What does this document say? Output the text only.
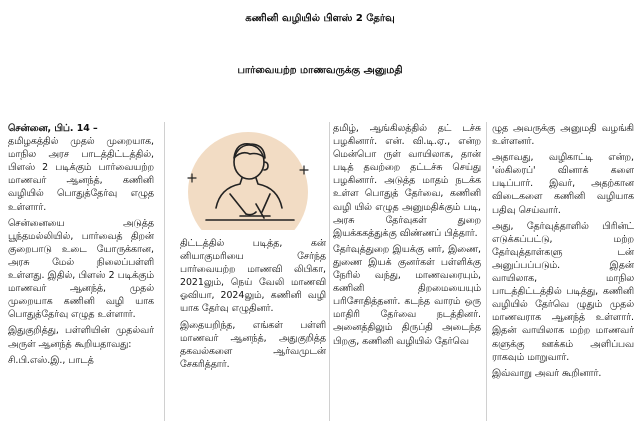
கணினி வழியில் பிளஸ் 2 தேர்வு
பார்வையற்ற மாணவருக்கு அனுமதி

சென்னை, பிப். 14 –
தமிழகத்தில் முதல் முறையாக, மாநில அரச பாடத்திட்டத்தில், பிளஸ் 2 படிக்கும் பார்வையற்ற மாணவர் ஆனந்த், கணினி வழியில் பொதுத்தேர்வு எழுத உள்ளார்.

சென்னையை அடுத்த பூந்தமல்லியில், பார்வைத் திறன் குறைபாடு உடை யோருக்கான, அரசு மேல் நிலைப்பள்ளி உள்ளது. இதில், பிளஸ் 2 படிக்கும் மாணவர் ஆனந்த், முதல் முறையாக கணினி வழி யாக பொதுத்தேர்வு எழுத உள்ளார்.

இதுகுறித்து, பள்ளியின் முதல்வர் அருள் ஆனந்த் கூறியதாவது:

சி.பி.எஸ்.இ., பாடத்

திட்டத்தில் படித்த, கன் னியாகுமரியை சேர்ந்த பார்வையற்ற மாணவி லிபிகா, 2021லும், நெய் வேலி மாணவி ஓவியா, 2024லும், கணினி வழி யாக தேர்வு எழுதினர்.

இதையறிந்த, எங்கள் பள்ளி மாணவர் ஆனந்த், அதுகுறித்த தகவல்களை ஆர்வமுடன் சேகரித்தார்.

தமிழ், ஆங்கிலத்தில் தட் டச்சு பழகினார். என். வி.டி.ஏ., என்ற மென்பொ ருள் வாயிலாக, தான் படித் தவற்றை தட்டச்சு செய்து பழகினார். அடுத்த மாதம் நடக்க உள்ள பொதுத் தேர்வை, கணினி வழி யில் எழுத அனுமதிக்கும் படி, அரசு தேர்வுகள் துறை இயக்ககத்துக்கு விண்ணப் பித்தார்.

தேர்வுத்துறை இயக்கு னர், இணை, துணை இயக் குனர்கள் பள்ளிக்கு நேரில் வந்து, மாணவரையும், கணினி திறமையையும் பரிசோதித்தனர். கடந்த வாரம் ஒரு மாதிரி தேர்வை நடத்தினர். அனைத்திலும் திருப்தி அடைந்த பிறகு, கணினி வழியில் தேர்வெ

ழுத அவருக்கு அனுமதி வழங்கி உள்ளனர்.

அதாவது, வழிகாட்டி என்ற, 'ஸ்கிரைப்' வினாக் களை படிப்பார். இவர், அதற்கான விடைகளை கணினி வழியாக பதிவு செய்வார்.

அது, தேர்வுத்தாளில் பிரின்ட் எடுக்கப்பட்டு, மற்ற தேர்வுத்தாள்களு டன் அனுப்பப்படும். இதன் வாயிலாக, மாநில பாடத்திட்டத்தில் படித்து, கணினி வழியில் தேர்வெ ழுதும் முதல் மாணவராக ஆனந்த் உள்ளார். இதன் வாயிலாக மற்ற மாணவர் களுக்கு ஊக்கம் அளிப்பவ ராகவும் மாறுவார்.

இவ்வாறு அவர் கூறினார்.
